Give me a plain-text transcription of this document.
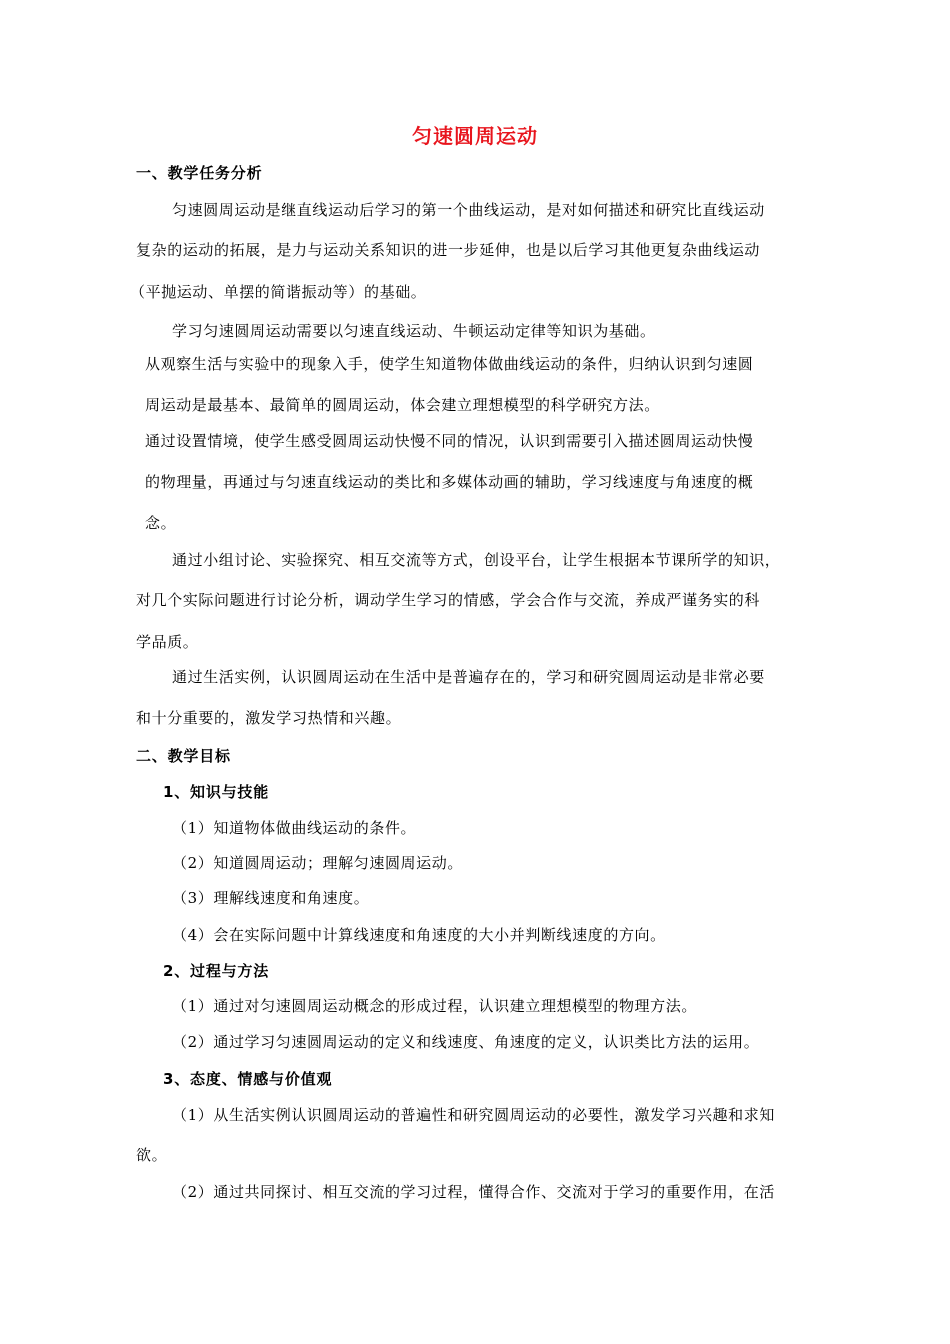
匀速圆周运动
一、教学任务分析
匀速圆周运动是继直线运动后学习的第一个曲线运动，是对如何描述和研究比直线运动
复杂的运动的拓展，是力与运动关系知识的进一步延伸，也是以后学习其他更复杂曲线运动
（平抛运动、单摆的简谐振动等）的基础。
学习匀速圆周运动需要以匀速直线运动、牛顿运动定律等知识为基础。
从观察生活与实验中的现象入手，使学生知道物体做曲线运动的条件，归纳认识到匀速圆
周运动是最基本、最简单的圆周运动，体会建立理想模型的科学研究方法。
通过设置情境，使学生感受圆周运动快慢不同的情况，认识到需要引入描述圆周运动快慢
的物理量，再通过与匀速直线运动的类比和多媒体动画的辅助，学习线速度与角速度的概
念。
通过小组讨论、实验探究、相互交流等方式，创设平台，让学生根据本节课所学的知识，
对几个实际问题进行讨论分析，调动学生学习的情感，学会合作与交流，养成严谨务实的科
学品质。
通过生活实例，认识圆周运动在生活中是普遍存在的，学习和研究圆周运动是非常必要
和十分重要的，激发学习热情和兴趣。
二、教学目标
1、知识与技能
（1）知道物体做曲线运动的条件。
（2）知道圆周运动；理解匀速圆周运动。
（3）理解线速度和角速度。
（4）会在实际问题中计算线速度和角速度的大小并判断线速度的方向。
2、过程与方法
（1）通过对匀速圆周运动概念的形成过程，认识建立理想模型的物理方法。
（2）通过学习匀速圆周运动的定义和线速度、角速度的定义，认识类比方法的运用。
3、态度、情感与价值观
（1）从生活实例认识圆周运动的普遍性和研究圆周运动的必要性，激发学习兴趣和求知
欲。
（2）通过共同探讨、相互交流的学习过程，懂得合作、交流对于学习的重要作用，在活
